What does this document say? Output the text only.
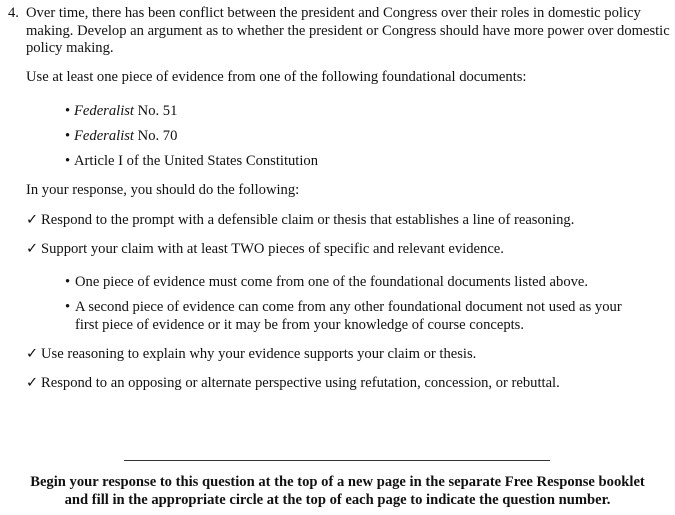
4. Over time, there has been conflict between the president and Congress over their roles in domestic policy making. Develop an argument as to whether the president or Congress should have more power over domestic policy making.
Use at least one piece of evidence from one of the following foundational documents:
• Federalist No. 51
• Federalist No. 70
• Article I of the United States Constitution
In your response, you should do the following:
✓ Respond to the prompt with a defensible claim or thesis that establishes a line of reasoning.
✓ Support your claim with at least TWO pieces of specific and relevant evidence.
• One piece of evidence must come from one of the foundational documents listed above.
• A second piece of evidence can come from any other foundational document not used as your first piece of evidence or it may be from your knowledge of course concepts.
✓ Use reasoning to explain why your evidence supports your claim or thesis.
✓ Respond to an opposing or alternate perspective using refutation, concession, or rebuttal.
Begin your response to this question at the top of a new page in the separate Free Response booklet
and fill in the appropriate circle at the top of each page to indicate the question number.
